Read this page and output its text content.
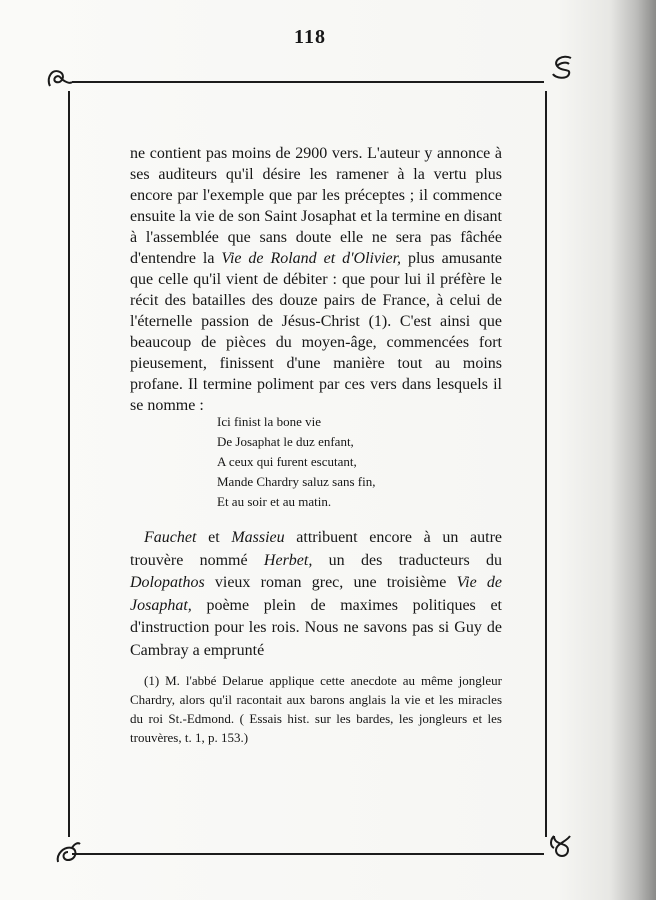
118

ne contient pas moins de 2900 vers. L'auteur y annonce à ses auditeurs qu'il désire les ramener à la vertu plus encore par l'exemple que par les préceptes ; il commence ensuite la vie de son Saint Josaphat et la termine en disant à l'assemblée que sans doute elle ne sera pas fâchée d'entendre la Vie de Roland et d'Olivier, plus amusante que celle qu'il vient de débiter : que pour lui il préfère le récit des batailles des douze pairs de France, à celui de l'éternelle passion de Jésus-Christ (1). C'est ainsi que beaucoup de pièces du moyen-âge, commencées fort pieusement, finissent d'une manière tout au moins profane. Il termine poliment par ces vers dans lesquels il se nomme :

Ici finist la bone vie
De Josaphat le duz enfant,
A ceux qui furent escutant,
Mande Chardry saluz sans fin,
Et au soir et au matin.

Fauchet et Massieu attribuent encore à un autre trouvère nommé Herbet, un des traducteurs du Dolopathos vieux roman grec, une troisième Vie de Josaphat, poème plein de maximes politiques et d'instruction pour les rois. Nous ne savons pas si Guy de Cambray a emprunté

(1) M. l'abbé Delarue applique cette anecdote au même jongleur Chardry, alors qu'il racontait aux barons anglais la vie et les miracles du roi St.-Edmond. ( Essais hist. sur les bardes, les jongleurs et les trouvères, t. 1, p. 153.)
